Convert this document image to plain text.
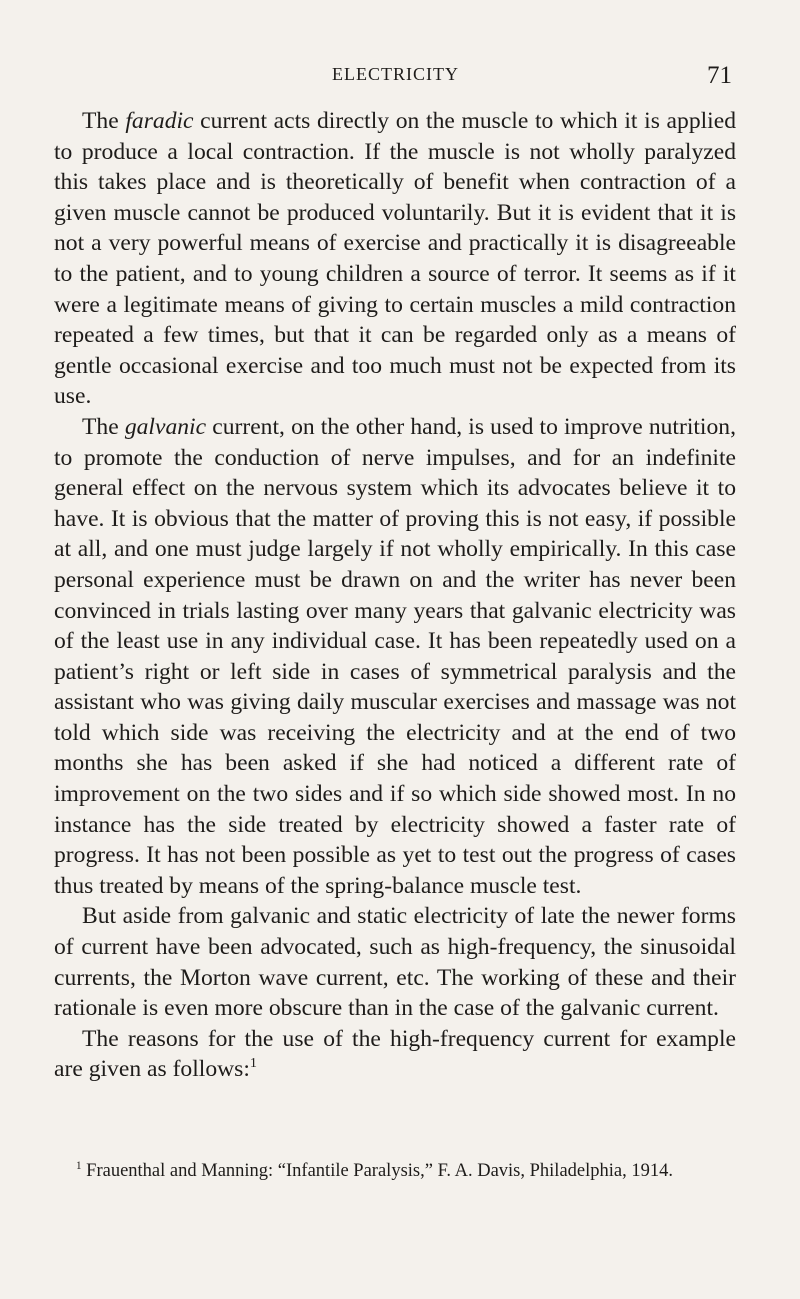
ELECTRICITY	71

The faradic current acts directly on the muscle to which it is applied to produce a local contraction. If the muscle is not wholly paralyzed this takes place and is theoretically of benefit when contraction of a given muscle cannot be produced voluntarily. But it is evident that it is not a very powerful means of exercise and practically it is disagreeable to the patient, and to young children a source of terror. It seems as if it were a legitimate means of giving to certain muscles a mild contraction repeated a few times, but that it can be regarded only as a means of gentle occasional exercise and too much must not be expected from its use.

The galvanic current, on the other hand, is used to improve nutrition, to promote the conduction of nerve impulses, and for an indefinite general effect on the nervous system which its advocates believe it to have. It is obvious that the matter of proving this is not easy, if possible at all, and one must judge largely if not wholly empirically. In this case personal experience must be drawn on and the writer has never been convinced in trials lasting over many years that galvanic electricity was of the least use in any individual case. It has been repeatedly used on a patient’s right or left side in cases of symmetrical paralysis and the assistant who was giving daily muscular exercises and massage was not told which side was receiving the electricity and at the end of two months she has been asked if she had noticed a different rate of improvement on the two sides and if so which side showed most. In no instance has the side treated by electricity showed a faster rate of progress. It has not been possible as yet to test out the progress of cases thus treated by means of the spring-balance muscle test.

But aside from galvanic and static electricity of late the newer forms of current have been advocated, such as high-frequency, the sinusoidal currents, the Morton wave current, etc. The working of these and their rationale is even more obscure than in the case of the galvanic current.

The reasons for the use of the high-frequency current for example are given as follows:$^1$

$^1$ Frauenthal and Manning: “Infantile Paralysis,” F. A. Davis, Philadelphia, 1914.
